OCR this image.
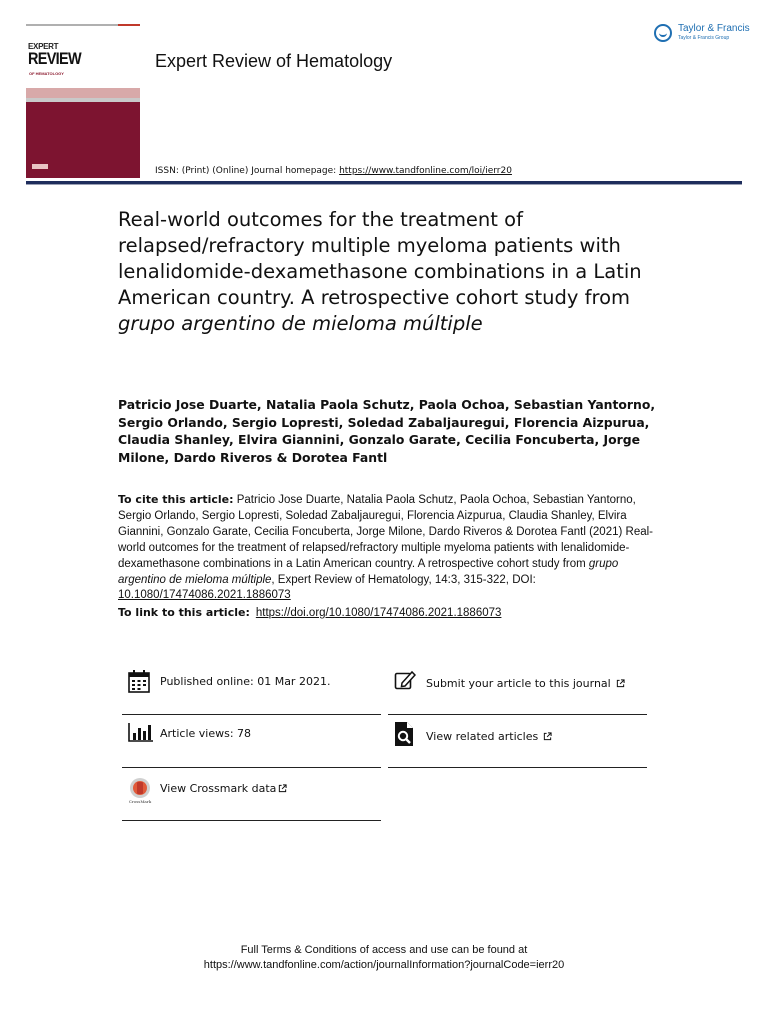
EXPERT
REVIEW
OF HEMATOLOGY
Expert Review of Hematology
Taylor & Francis
Taylor & Francis Group
ISSN: (Print) (Online) Journal homepage: https://www.tandfonline.com/loi/ierr20
Real-world outcomes for the treatment of relapsed/refractory multiple myeloma patients with lenalidomide-dexamethasone combinations in a Latin American country. A retrospective cohort study from grupo argentino de mieloma múltiple
Patricio Jose Duarte, Natalia Paola Schutz, Paola Ochoa, Sebastian Yantorno, Sergio Orlando, Sergio Lopresti, Soledad Zabaljauregui, Florencia Aizpurua, Claudia Shanley, Elvira Giannini, Gonzalo Garate, Cecilia Foncuberta, Jorge Milone, Dardo Riveros & Dorotea Fantl
To cite this article: Patricio Jose Duarte, Natalia Paola Schutz, Paola Ochoa, Sebastian Yantorno, Sergio Orlando, Sergio Lopresti, Soledad Zabaljauregui, Florencia Aizpurua, Claudia Shanley, Elvira Giannini, Gonzalo Garate, Cecilia Foncuberta, Jorge Milone, Dardo Riveros & Dorotea Fantl (2021) Real-world outcomes for the treatment of relapsed/refractory multiple myeloma patients with lenalidomide-dexamethasone combinations in a Latin American country. A retrospective cohort study from grupo argentino de mieloma múltiple, Expert Review of Hematology, 14:3, 315-322, DOI: 10.1080/17474086.2021.1886073
To link to this article: https://doi.org/10.1080/17474086.2021.1886073
Published online: 01 Mar 2021.	Submit your article to this journal
Article views: 78	View related articles
CrossMark
View Crossmark data
Full Terms & Conditions of access and use can be found at
https://www.tandfonline.com/action/journalInformation?journalCode=ierr20
